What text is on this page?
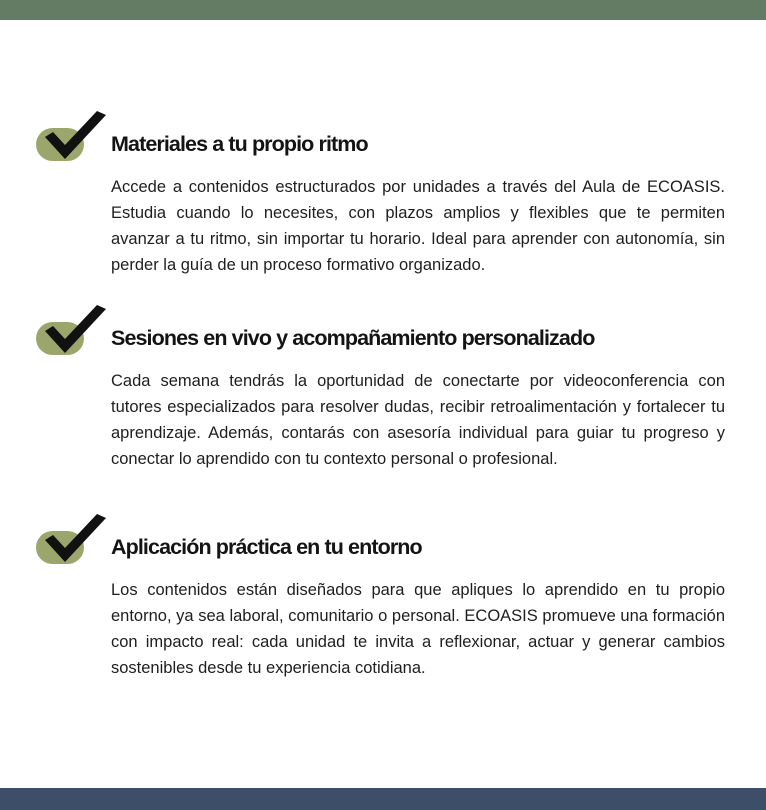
Materiales a tu propio ritmo

Accede a contenidos estructurados por unidades a través del Aula de ECOASIS. Estudia cuando lo necesites, con plazos amplios y flexibles que te permiten avanzar a tu ritmo, sin importar tu horario. Ideal para aprender con autonomía, sin perder la guía de un proceso formativo organizado.

Sesiones en vivo y acompañamiento personalizado

Cada semana tendrás la oportunidad de conectarte por videoconferencia con tutores especializados para resolver dudas, recibir retroalimentación y fortalecer tu aprendizaje. Además, contarás con asesoría individual para guiar tu progreso y conectar lo aprendido con tu contexto personal o profesional.

Aplicación práctica en tu entorno

Los contenidos están diseñados para que apliques lo aprendido en tu propio entorno, ya sea laboral, comunitario o personal. ECOASIS promueve una formación con impacto real: cada unidad te invita a reflexionar, actuar y generar cambios sostenibles desde tu experiencia cotidiana.
